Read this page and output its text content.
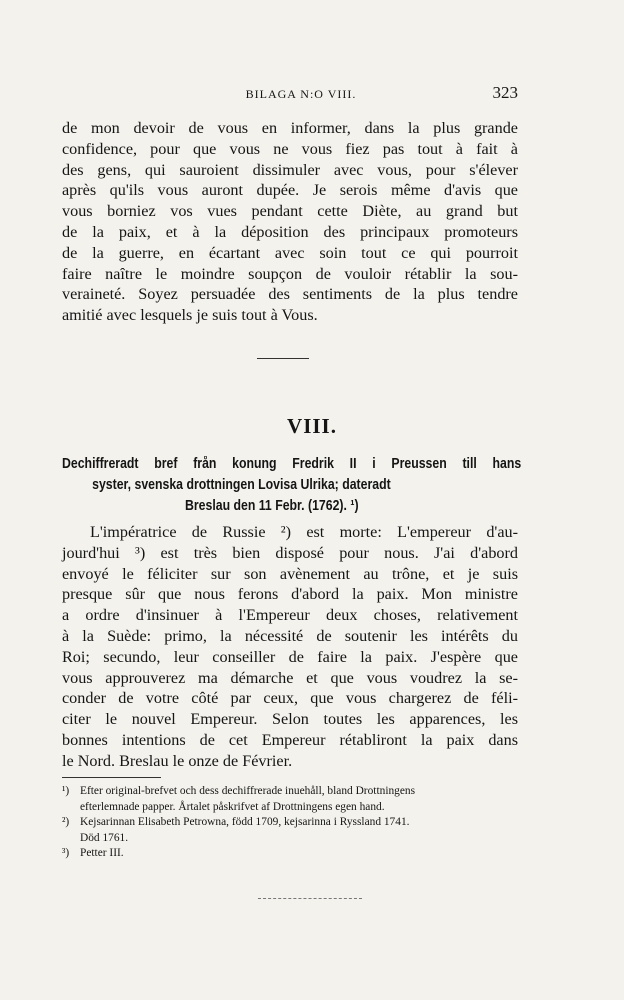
BILAGA N:O VIII.	323

de mon devoir de vous en informer, dans la plus grande
confidence, pour que vous ne vous fiez pas tout à fait à
des gens, qui sauroient dissimuler avec vous, pour s'élever
après qu'ils vous auront dupée. Je serois même d'avis que
vous borniez vos vues pendant cette Diète, au grand but
de la paix, et à la déposition des principaux promoteurs
de la guerre, en écartant avec soin tout ce qui pourroit
faire naître le moindre soupçon de vouloir rétablir la sou-
veraineté. Soyez persuadée des sentiments de la plus tendre
amitié avec lesquels je suis tout à Vous.

VIII.
Dechiffreradt bref från konung Fredrik II i Preussen till hans
syster, svenska drottningen Lovisa Ulrika; dateradt
Breslau den 11 Febr. (1762). ¹)

L'impératrice de Russie ²) est morte: L'empereur d'au-
jourd'hui ³) est très bien disposé pour nous. J'ai d'abord
envoyé le féliciter sur son avènement au trône, et je suis
presque sûr que nous ferons d'abord la paix. Mon ministre
a ordre d'insinuer à l'Empereur deux choses, relativement
à la Suède: primo, la nécessité de soutenir les intérêts du
Roi; secundo, leur conseiller de faire la paix. J'espère que
vous approuverez ma démarche et que vous voudrez la se-
conder de votre côté par ceux, que vous chargerez de féli-
citer le nouvel Empereur. Selon toutes les apparences, les
bonnes intentions de cet Empereur rétabliront la paix dans
le Nord. Breslau le onze de Février.

¹) Efter original-brefvet och dess dechiffrerade inuehåll, bland Drottningens
efterlemnade papper. Årtalet påskrifvet af Drottningens egen hand.
²) Kejsarinnan Elisabeth Petrowna, född 1709, kejsarinna i Ryssland 1741.
Död 1761.
³) Petter III.
